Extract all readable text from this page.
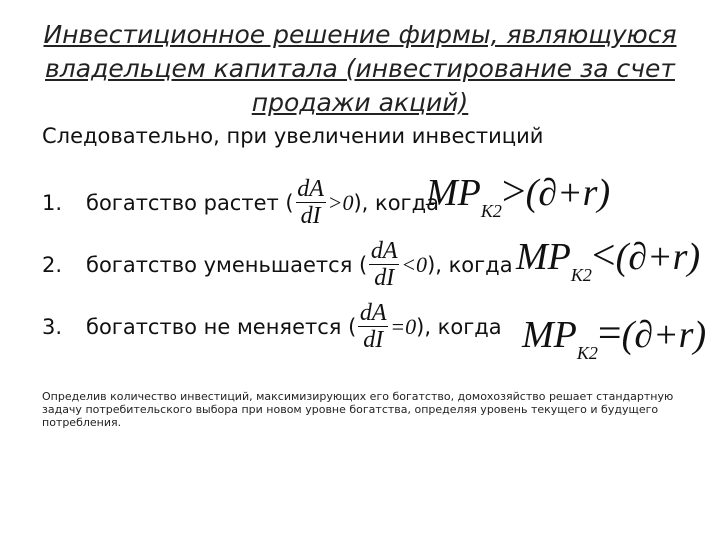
Инвестиционное решение фирмы, являющуюся владельцем капитала (инвестирование за счет продажи акций)
Следовательно, при увеличении инвестиций
1.	богатство растет ( $\frac{dA}{dI} >0$ ), когда
MPK2>(∂+r)
2.	богатство уменьшается ( $\frac{dA}{dI} <0$ ), когда MPK2<(∂+r)
3.	богатство не меняется ( $\frac{dA}{dI} =0$ ), когда MPK2=(∂+r)
Определив количество инвестиций, максимизирующих его богатство, домохозяйство решает стандартную задачу потребительского выбора при новом уровне богатства, определяя уровень текущего и будущего потребления.
